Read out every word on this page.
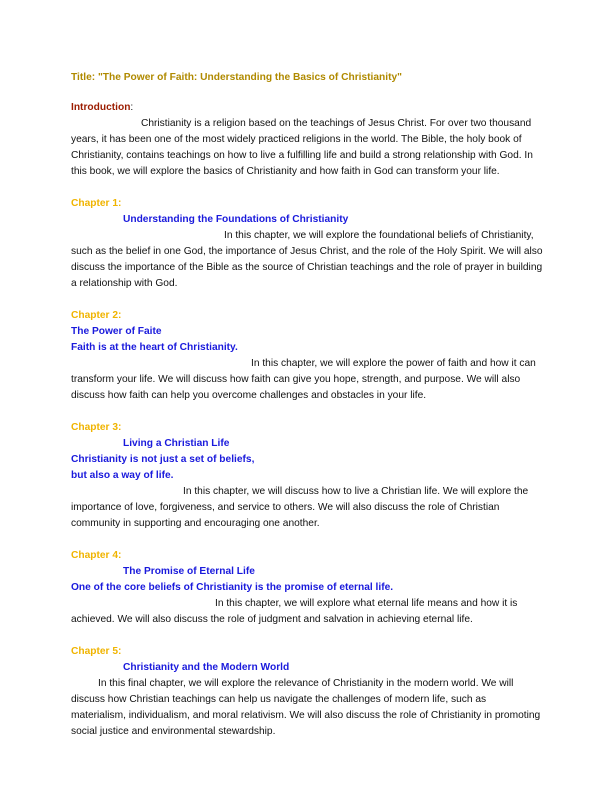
Title: "The Power of Faith: Understanding the Basics of Christianity"

Introduction:

Christianity is a religion based on the teachings of Jesus Christ. For over two thousand years, it has been one of the most widely practiced religions in the world. The Bible, the holy book of Christianity, contains teachings on how to live a fulfilling life and build a strong relationship with God. In this book, we will explore the basics of Christianity and how faith in God can transform your life.

Chapter 1:

Understanding the Foundations of Christianity

In this chapter, we will explore the foundational beliefs of Christianity, such as the belief in one God, the importance of Jesus Christ, and the role of the Holy Spirit. We will also discuss the importance of the Bible as the source of Christian teachings and the role of prayer in building a relationship with God.

Chapter 2:

The Power of Faite

Faith is at the heart of Christianity.

In this chapter, we will explore the power of faith and how it can transform your life. We will discuss how faith can give you hope, strength, and purpose. We will also discuss how faith can help you overcome challenges and obstacles in your life.

Chapter 3:

Living a Christian Life

Christianity is not just a set of beliefs,

but also a way of life.

In this chapter, we will discuss how to live a Christian life. We will explore the importance of love, forgiveness, and service to others. We will also discuss the role of Christian community in supporting and encouraging one another.

Chapter 4:

The Promise of Eternal Life

One of the core beliefs of Christianity is the promise of eternal life.

In this chapter, we will explore what eternal life means and how it is achieved. We will also discuss the role of judgment and salvation in achieving eternal life.

Chapter 5:

Christianity and the Modern World

In this final chapter, we will explore the relevance of Christianity in the modern world. We will discuss how Christian teachings can help us navigate the challenges of modern life, such as materialism, individualism, and moral relativism. We will also discuss the role of Christianity in promoting social justice and environmental stewardship.
